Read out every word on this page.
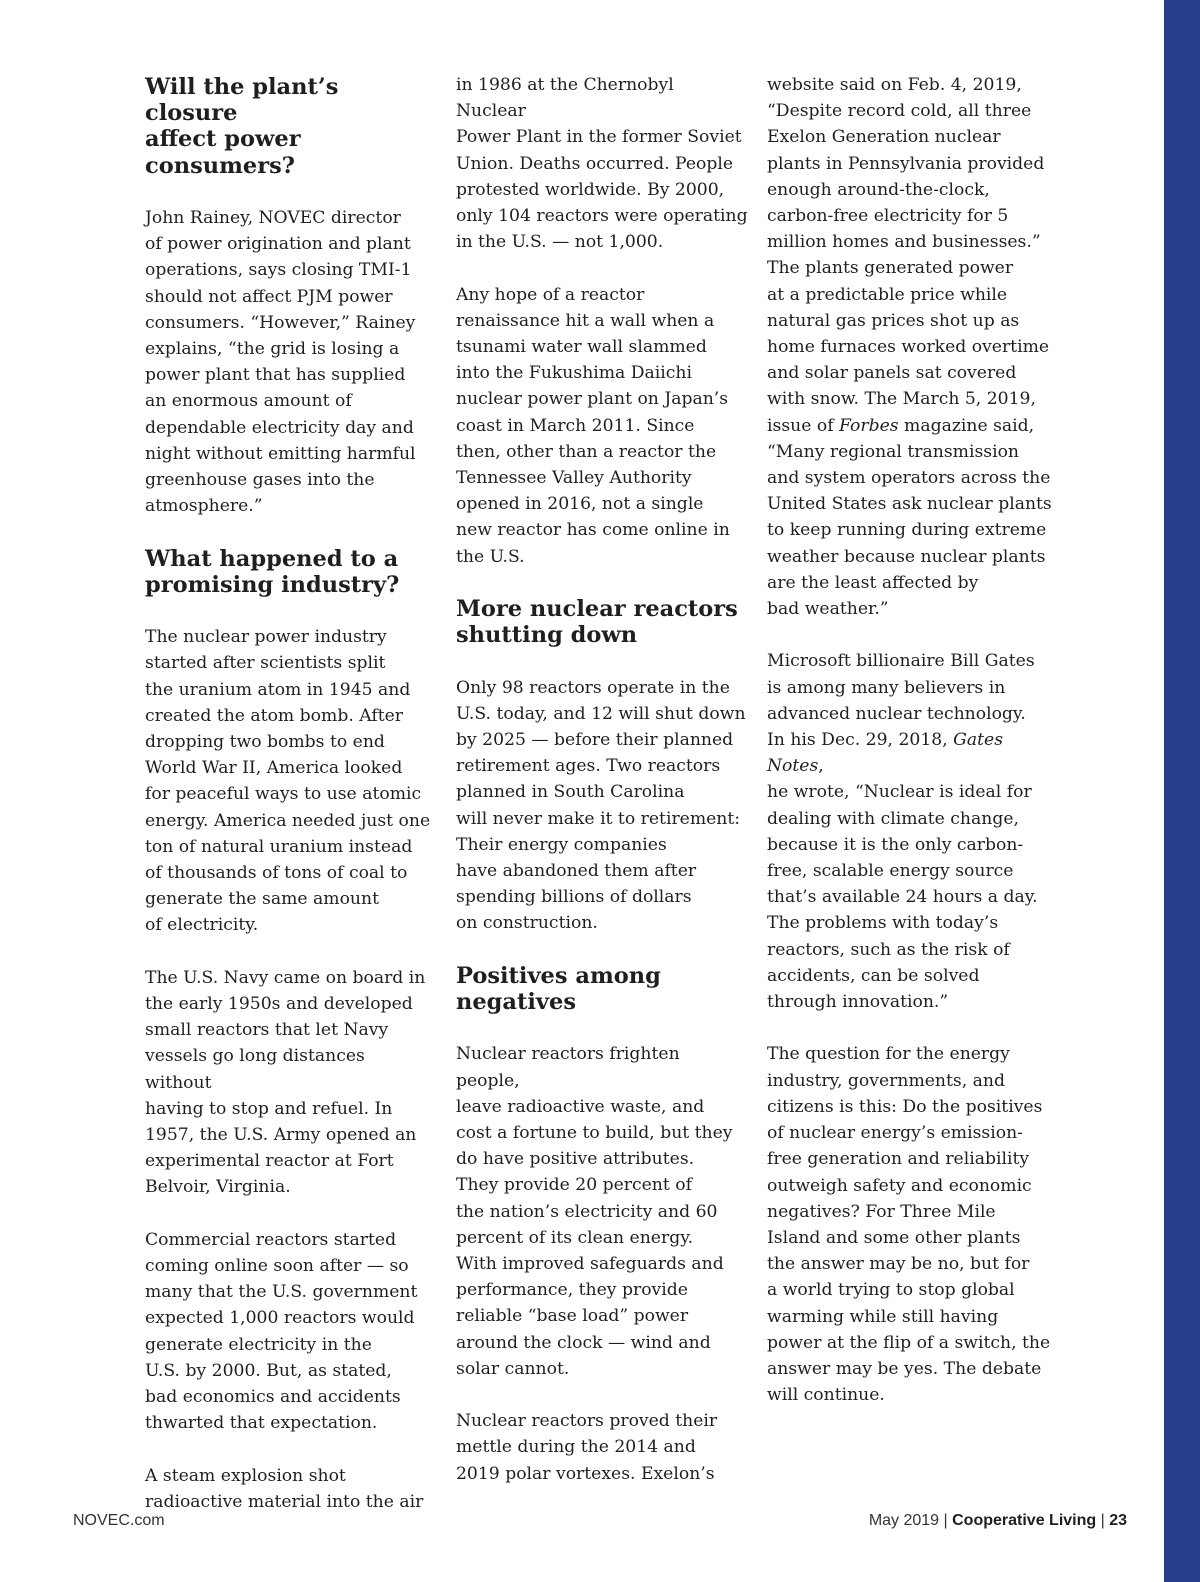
Will the plant’s closure
affect power consumers?

John Rainey, NOVEC director
of power origination and plant
operations, says closing TMI-1
should not affect PJM power
consumers. “However,” Rainey
explains, “the grid is losing a
power plant that has supplied
an enormous amount of
dependable electricity day and
night without emitting harmful
greenhouse gases into the
atmosphere.”

What happened to a
promising industry?

The nuclear power industry
started after scientists split
the uranium atom in 1945 and
created the atom bomb. After
dropping two bombs to end
World War II, America looked
for peaceful ways to use atomic
energy. America needed just one
ton of natural uranium instead
of thousands of tons of coal to
generate the same amount
of electricity.

The U.S. Navy came on board in
the early 1950s and developed
small reactors that let Navy
vessels go long distances without
having to stop and refuel. In
1957, the U.S. Army opened an
experimental reactor at Fort
Belvoir, Virginia.

Commercial reactors started
coming online soon after — so
many that the U.S. government
expected 1,000 reactors would
generate electricity in the
U.S. by 2000. But, as stated,
bad economics and accidents
thwarted that expectation.

A steam explosion shot
radioactive material into the air

in 1986 at the Chernobyl Nuclear
Power Plant in the former Soviet
Union. Deaths occurred. People
protested worldwide. By 2000,
only 104 reactors were operating
in the U.S. — not 1,000.

Any hope of a reactor
renaissance hit a wall when a
tsunami water wall slammed
into the Fukushima Daiichi
nuclear power plant on Japan’s
coast in March 2011. Since
then, other than a reactor the
Tennessee Valley Authority
opened in 2016, not a single
new reactor has come online in
the U.S.

More nuclear reactors
shutting down

Only 98 reactors operate in the
U.S. today, and 12 will shut down
by 2025 — before their planned
retirement ages. Two reactors
planned in South Carolina
will never make it to retirement:
Their energy companies
have abandoned them after
spending billions of dollars
on construction.

Positives among
negatives

Nuclear reactors frighten people,
leave radioactive waste, and
cost a fortune to build, but they
do have positive attributes.
They provide 20 percent of
the nation’s electricity and 60
percent of its clean energy.
With improved safeguards and
performance, they provide
reliable “base load” power
around the clock — wind and
solar cannot.

Nuclear reactors proved their
mettle during the 2014 and
2019 polar vortexes. Exelon’s

website said on Feb. 4, 2019,
“Despite record cold, all three
Exelon Generation nuclear
plants in Pennsylvania provided
enough around-the-clock,
carbon-free electricity for 5
million homes and businesses.”
The plants generated power
at a predictable price while
natural gas prices shot up as
home furnaces worked overtime
and solar panels sat covered
with snow. The March 5, 2019,
issue of Forbes magazine said,
“Many regional transmission
and system operators across the
United States ask nuclear plants
to keep running during extreme
weather because nuclear plants
are the least affected by
bad weather.”

Microsoft billionaire Bill Gates
is among many believers in
advanced nuclear technology.
In his Dec. 29, 2018, Gates Notes,
he wrote, “Nuclear is ideal for
dealing with climate change,
because it is the only carbon-
free, scalable energy source
that’s available 24 hours a day.
The problems with today’s
reactors, such as the risk of
accidents, can be solved
through innovation.”

The question for the energy
industry, governments, and
citizens is this: Do the positives
of nuclear energy’s emission-
free generation and reliability
outweigh safety and economic
negatives? For Three Mile
Island and some other plants
the answer may be no, but for
a world trying to stop global
warming while still having
power at the flip of a switch, the
answer may be yes. The debate
will continue.

NOVEC.com	May 2019 | Cooperative Living | 23
